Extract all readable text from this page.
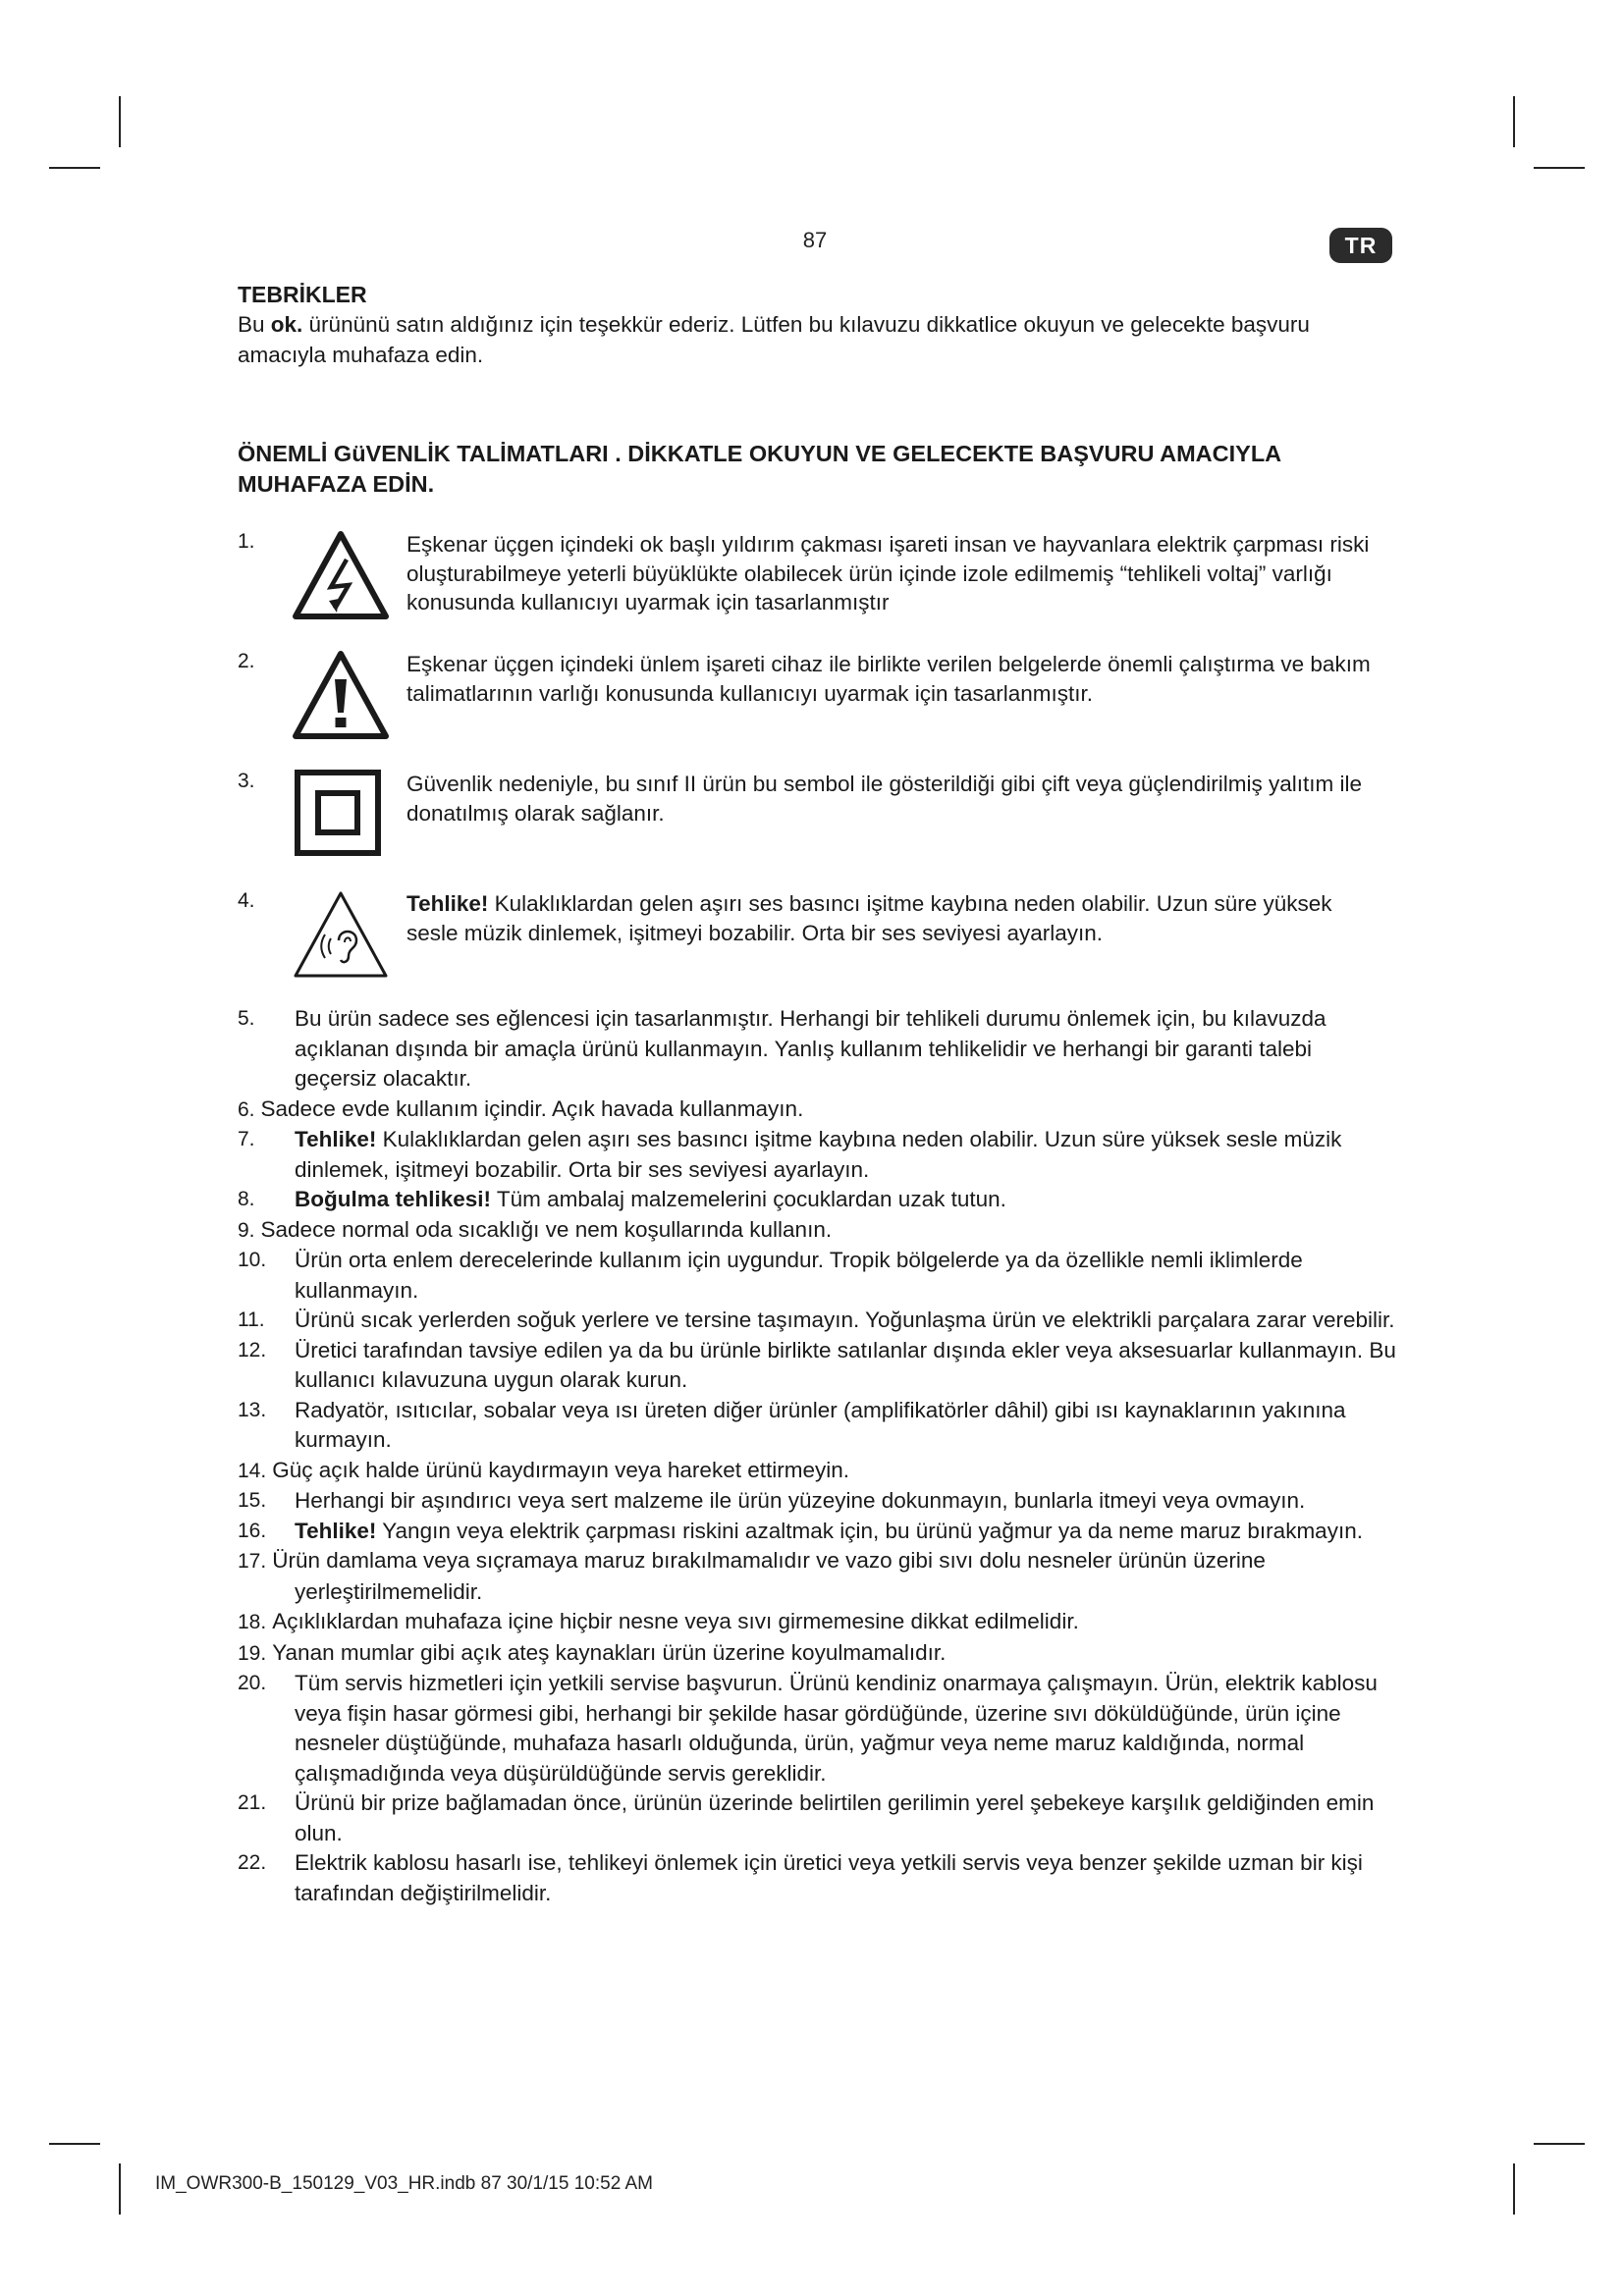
87	TR
TEBRİKLER

Bu ok. ürününü satın aldığınız için teşekkür ederiz. Lütfen bu kılavuzu dikkatlice okuyun ve gelecekte başvuru amacıyla muhafaza edin.

ÖNEMLİ GüVENLİK TALİMATLARI . DİKKATLE OKUYUN VE GELECEKTE BAŞVURU AMACIYLA MUHAFAZA EDİN.
1.	Eşkenar üçgen içindeki ok başlı yıldırım çakması işareti insan ve hayvanlara elektrik çarpması riski oluşturabilmeye yeterli büyüklükte olabilecek ürün içinde izole edilmemiş “tehlikeli voltaj” varlığı konusunda kullanıcıyı uyarmak için tasarlanmıştır
2.	Eşkenar üçgen içindeki ünlem işareti cihaz ile birlikte verilen belgelerde önemli çalıştırma ve bakım talimatlarının varlığı konusunda kullanıcıyı uyarmak için tasarlanmıştır.
3.	Güvenlik nedeniyle, bu sınıf II ürün bu sembol ile gösterildiği gibi çift veya güçlendirilmiş yalıtım ile donatılmış olarak sağlanır.
4.	Tehlike! Kulaklıklardan gelen aşırı ses basıncı işitme kaybına neden olabilir. Uzun süre yüksek sesle müzik dinlemek, işitmeyi bozabilir. Orta bir ses seviyesi ayarlayın.
5. Bu ürün sadece ses eğlencesi için tasarlanmıştır. Herhangi bir tehlikeli durumu önlemek için, bu kılavuzda açıklanan dışında bir amaçla ürünü kullanmayın. Yanlış kullanım tehlikelidir ve herhangi bir garanti talebi geçersiz olacaktır.
6. Sadece evde kullanım içindir. Açık havada kullanmayın.
7. Tehlike! Kulaklıklardan gelen aşırı ses basıncı işitme kaybına neden olabilir. Uzun süre yüksek sesle müzik dinlemek, işitmeyi bozabilir. Orta bir ses seviyesi ayarlayın.
8. Boğulma tehlikesi! Tüm ambalaj malzemelerini çocuklardan uzak tutun.
9. Sadece normal oda sıcaklığı ve nem koşullarında kullanın.
10. Ürün orta enlem derecelerinde kullanım için uygundur. Tropik bölgelerde ya da özellikle nemli iklimlerde kullanmayın.
11. Ürünü sıcak yerlerden soğuk yerlere ve tersine taşımayın. Yoğunlaşma ürün ve elektrikli parçalara zarar verebilir.
12. Üretici tarafından tavsiye edilen ya da bu ürünle birlikte satılanlar dışında ekler veya aksesuarlar kullanmayın. Bu kullanıcı kılavuzuna uygun olarak kurun.
13. Radyatör, ısıtıcılar, sobalar veya ısı üreten diğer ürünler (amplifikatörler dâhil) gibi ısı kaynaklarının yakınına kurmayın.
14. Güç açık halde ürünü kaydırmayın veya hareket ettirmeyin.
15. Herhangi bir aşındırıcı veya sert malzeme ile ürün yüzeyine dokunmayın, bunlarla itmeyi veya ovmayın.
16. Tehlike! Yangın veya elektrik çarpması riskini azaltmak için, bu ürünü yağmur ya da neme maruz bırakmayın.
17. Ürün damlama veya sıçramaya maruz bırakılmamalıdır ve vazo gibi sıvı dolu nesneler ürünün üzerine yerleştirilmemelidir.
18. Açıklıklardan muhafaza içine hiçbir nesne veya sıvı girmemesine dikkat edilmelidir.
19. Yanan mumlar gibi açık ateş kaynakları ürün üzerine koyulmamalıdır.
20. Tüm servis hizmetleri için yetkili servise başvurun. Ürünü kendiniz onarmaya çalışmayın. Ürün, elektrik kablosu veya fişin hasar görmesi gibi, herhangi bir şekilde hasar gördüğünde, üzerine sıvı döküldüğünde, ürün içine nesneler düştüğünde, muhafaza hasarlı olduğunda, ürün, yağmur veya neme maruz kaldığında, normal çalışmadığında veya düşürüldüğünde servis gereklidir.
21. Ürünü bir prize bağlamadan önce, ürünün üzerinde belirtilen gerilimin yerel şebekeye karşılık geldiğinden emin olun.
22. Elektrik kablosu hasarlı ise, tehlikeyi önlemek için üretici veya yetkili servis veya benzer şekilde uzman bir kişi tarafından değiştirilmelidir.
IM_OWR300-B_150129_V03_HR.indb 87 30/1/15 10:52 AM
